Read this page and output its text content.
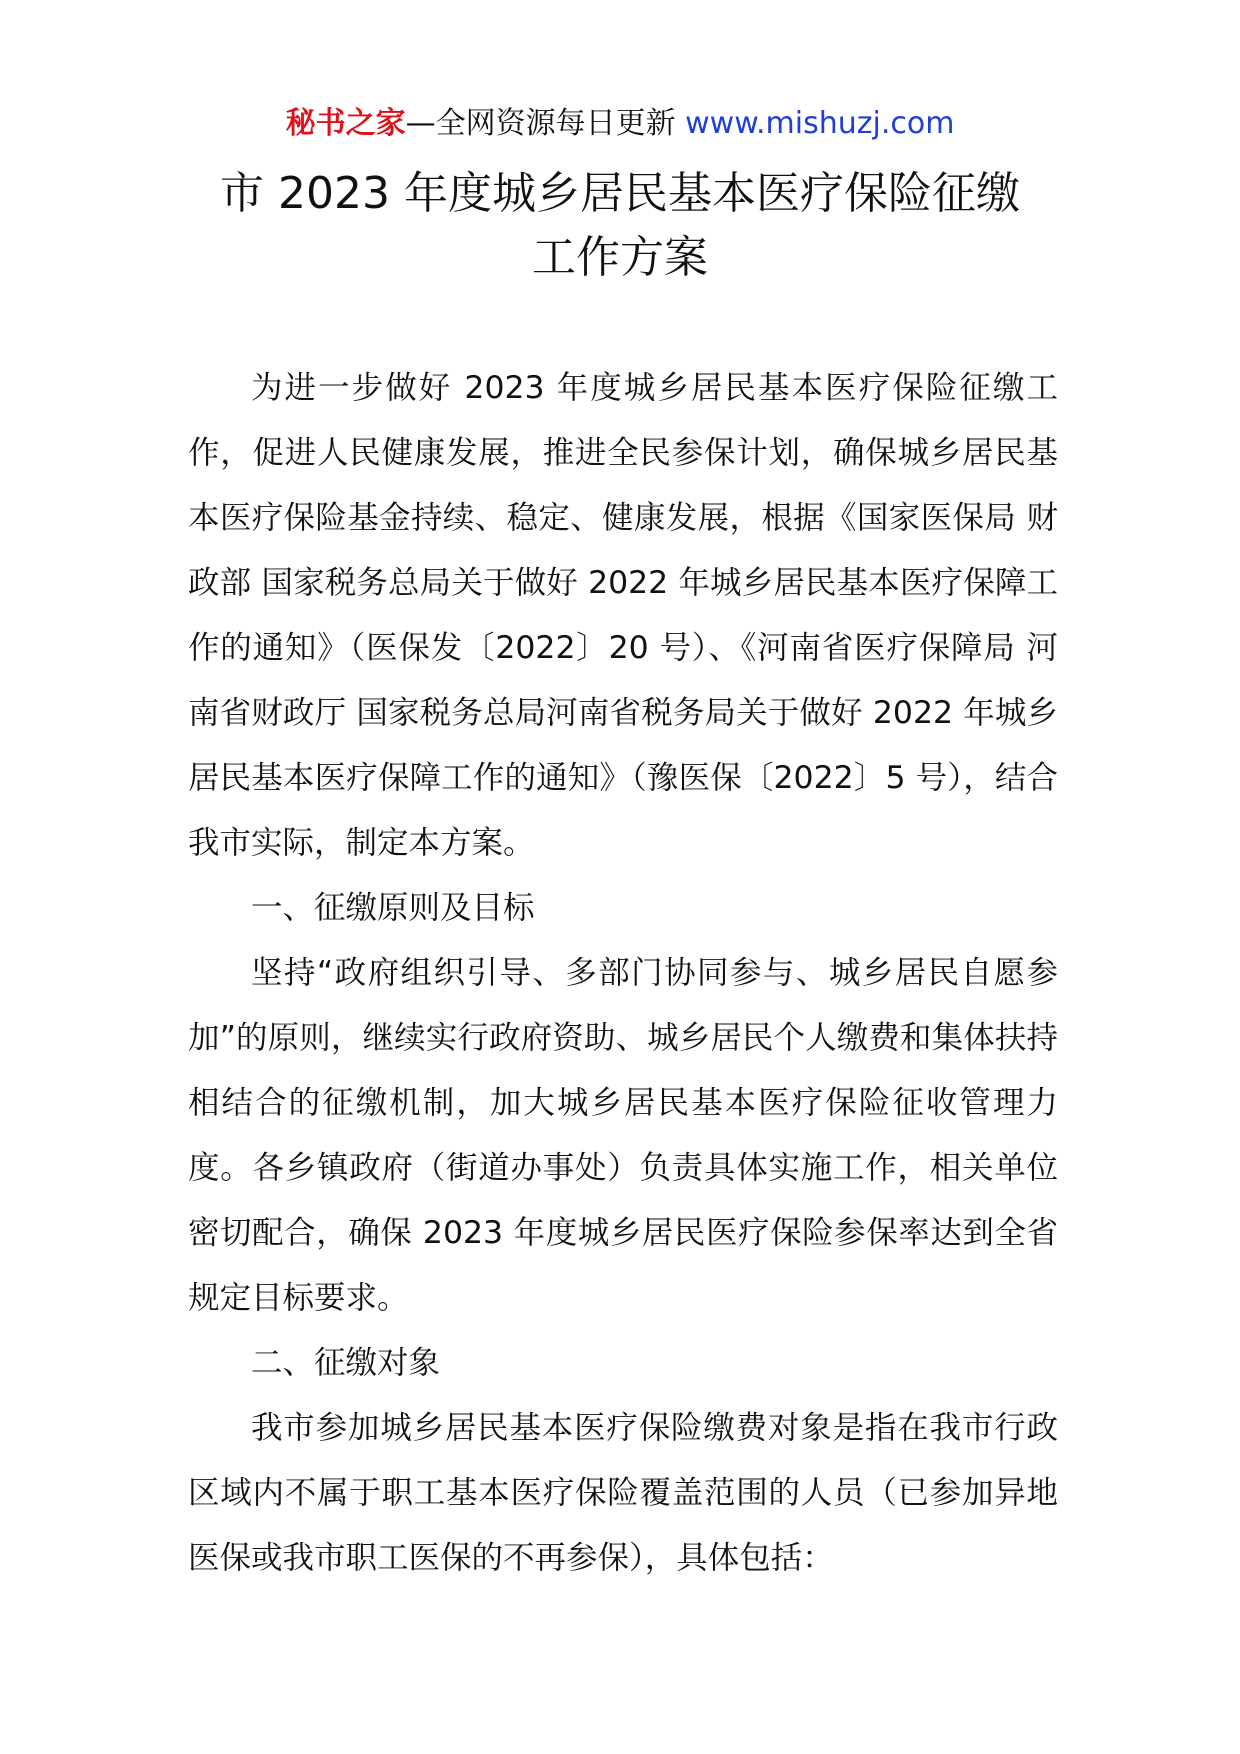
秘书之家—全网资源每日更新 www.mishuzj.com
市 2023 年度城乡居民基本医疗保险征缴
工作方案

为进一步做好 2023 年度城乡居民基本医疗保险征缴工作，促进人民健康发展，推进全民参保计划，确保城乡居民基本医疗保险基金持续、稳定、健康发展，根据《国家医保局 财政部 国家税务总局关于做好 2022 年城乡居民基本医疗保障工作的通知》（医保发〔2022〕20 号）、《河南省医疗保障局 河南省财政厅 国家税务总局河南省税务局关于做好 2022 年城乡居民基本医疗保障工作的通知》（豫医保〔2022〕5 号），结合我市实际，制定本方案。

一、征缴原则及目标

坚持“政府组织引导、多部门协同参与、城乡居民自愿参加”的原则，继续实行政府资助、城乡居民个人缴费和集体扶持相结合的征缴机制，加大城乡居民基本医疗保险征收管理力度。各乡镇政府（街道办事处）负责具体实施工作，相关单位密切配合，确保 2023 年度城乡居民医疗保险参保率达到全省规定目标要求。

二、征缴对象

我市参加城乡居民基本医疗保险缴费对象是指在我市行政区域内不属于职工基本医疗保险覆盖范围的人员（已参加异地医保或我市职工医保的不再参保），具体包括：
